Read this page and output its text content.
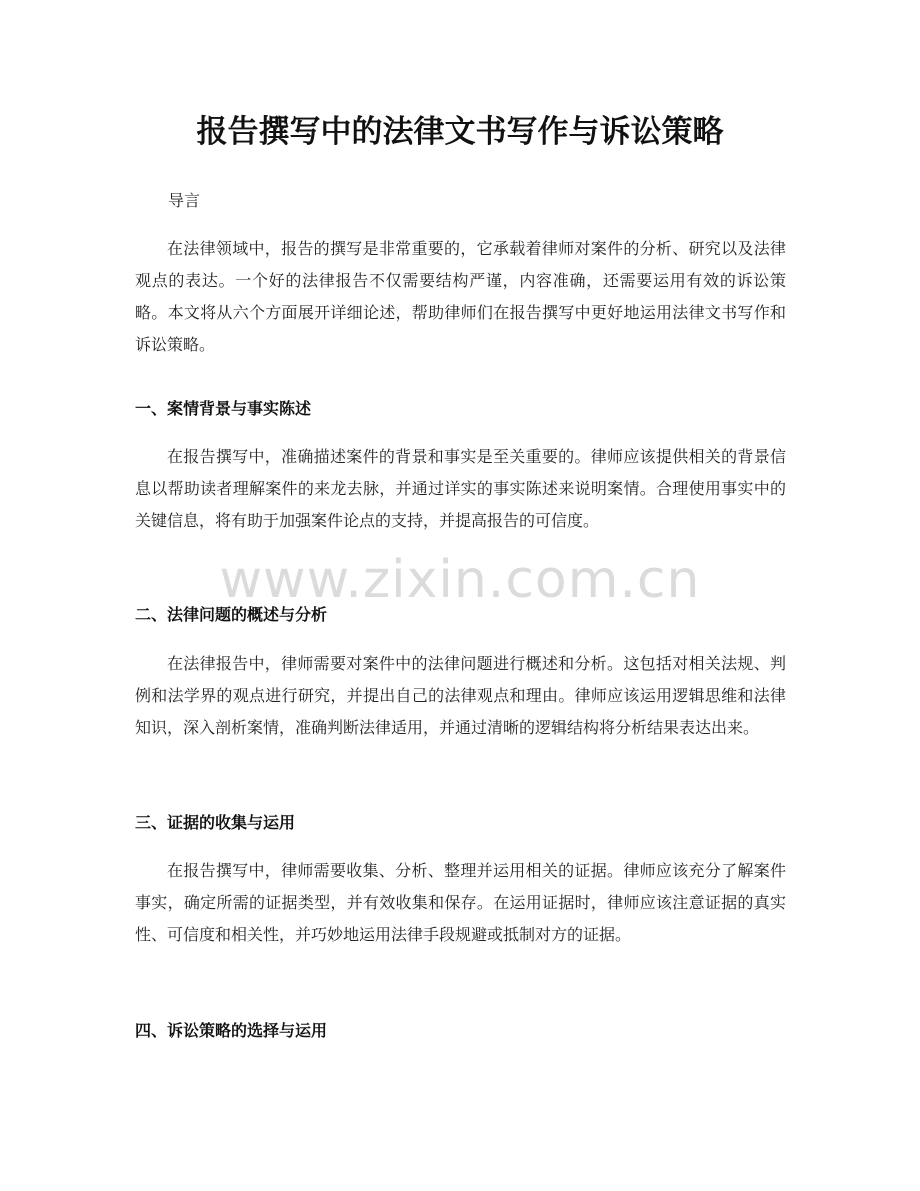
报告撰写中的法律文书写作与诉讼策略

导言

在法律领域中，报告的撰写是非常重要的，它承载着律师对案件的分析、研究以及法律观点的表达。一个好的法律报告不仅需要结构严谨，内容准确，还需要运用有效的诉讼策略。本文将从六个方面展开详细论述，帮助律师们在报告撰写中更好地运用法律文书写作和诉讼策略。

一、案情背景与事实陈述

在报告撰写中，准确描述案件的背景和事实是至关重要的。律师应该提供相关的背景信息以帮助读者理解案件的来龙去脉，并通过详实的事实陈述来说明案情。合理使用事实中的关键信息，将有助于加强案件论点的支持，并提高报告的可信度。

二、法律问题的概述与分析

在法律报告中，律师需要对案件中的法律问题进行概述和分析。这包括对相关法规、判例和法学界的观点进行研究，并提出自己的法律观点和理由。律师应该运用逻辑思维和法律知识，深入剖析案情，准确判断法律适用，并通过清晰的逻辑结构将分析结果表达出来。

三、证据的收集与运用

在报告撰写中，律师需要收集、分析、整理并运用相关的证据。律师应该充分了解案件事实，确定所需的证据类型，并有效收集和保存。在运用证据时，律师应该注意证据的真实性、可信度和相关性，并巧妙地运用法律手段规避或抵制对方的证据。

四、诉讼策略的选择与运用

www.zixin.com.cn
